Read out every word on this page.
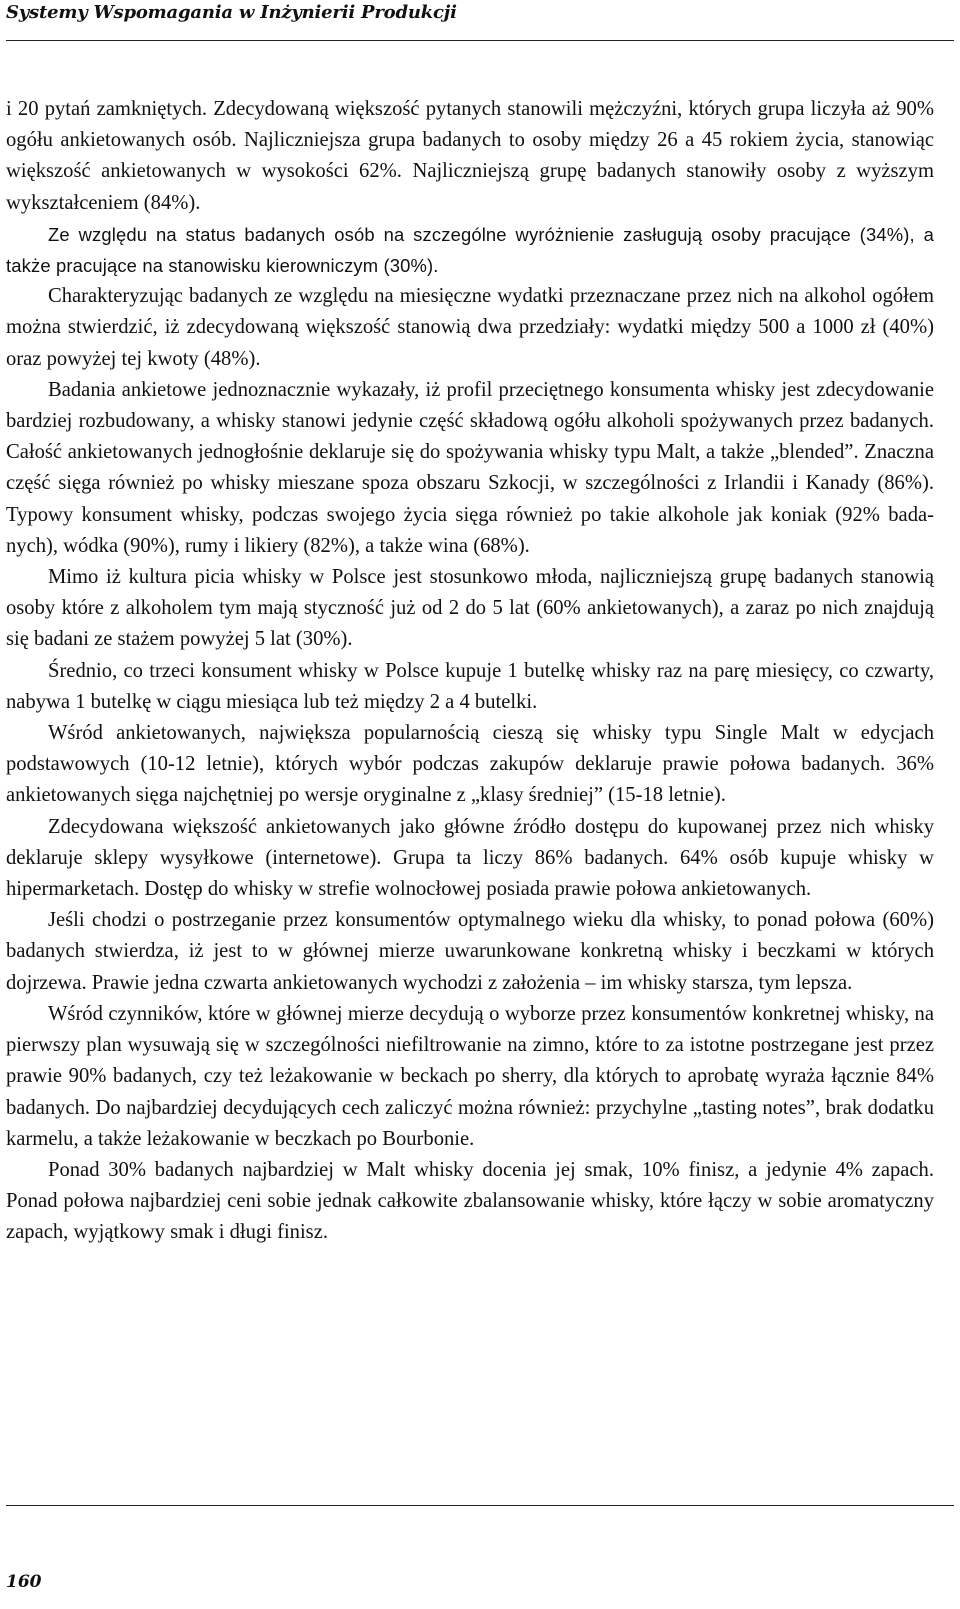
Systemy Wspomagania w Inżynierii Produkcji

i 20 pytań zamkniętych. Zdecydowaną większość pytanych stanowili mężczyźni, których grupa liczyła aż 90% ogółu ankietowanych osób. Najliczniejsza grupa badanych to osoby między 26 a 45 rokiem życia, stanowiąc większość ankietowanych w wysokości 62%. Najliczniejszą grupę badanych stanowiły osoby z wyższym wykształceniem (84%).

Ze względu na status badanych osób na szczególne wyróżnienie zasługują osoby pracujące (34%), a także pracujące na stanowisku kierowniczym (30%).

Charakteryzując badanych ze względu na miesięczne wydatki przeznaczane przez nich na alkohol ogółem można stwierdzić, iż zdecydowaną większość stanowią dwa przedziały: wydatki między 500 a 1000 zł (40%) oraz powyżej tej kwoty (48%).

Badania ankietowe jednoznacznie wykazały, iż profil przeciętnego konsumenta whisky jest zdecydowanie bardziej rozbudowany, a whisky stanowi jedynie część składową ogółu alkoholi spożywanych przez badanych. Całość ankietowanych jednogłośnie deklaruje się do spożywania whisky typu Malt, a także „blended”. Znaczna część sięga również po whisky mieszane spoza obszaru Szkocji, w szczególności z Irlandii i Kanady (86%). Typowy konsument whisky, podczas swojego życia sięga również po takie alkohole jak koniak (92% badanych), wódka (90%), rumy i likiery (82%), a także wina (68%).

Mimo iż kultura picia whisky w Polsce jest stosunkowo młoda, najliczniejszą grupę badanych stanowią osoby które z alkoholem tym mają styczność już od 2 do 5 lat (60% ankietowanych), a zaraz po nich znajdują się badani ze stażem powyżej 5 lat (30%).

Średnio, co trzeci konsument whisky w Polsce kupuje 1 butelkę whisky raz na parę miesięcy, co czwarty, nabywa 1 butelkę w ciągu miesiąca lub też między 2 a 4 butelki.

Wśród ankietowanych, największa popularnością cieszą się whisky typu Single Malt w edycjach podstawowych (10-12 letnie), których wybór podczas zakupów deklaruje prawie połowa badanych. 36% ankietowanych sięga najchętniej po wersje oryginalne z „klasy średniej” (15-18 letnie).

Zdecydowana większość ankietowanych jako główne źródło dostępu do kupowanej przez nich whisky deklaruje sklepy wysyłkowe (internetowe). Grupa ta liczy 86% badanych. 64% osób kupuje whisky w hipermarketach. Dostęp do whisky w strefie wolnocłowej posiada prawie połowa ankietowanych.

Jeśli chodzi o postrzeganie przez konsumentów optymalnego wieku dla whisky, to ponad połowa (60%) badanych stwierdza, iż jest to w głównej mierze uwarunkowane konkretną whisky i beczkami w których dojrzewa. Prawie jedna czwarta ankietowanych wychodzi z założenia – im whisky starsza, tym lepsza.

Wśród czynników, które w głównej mierze decydują o wyborze przez konsumentów konkretnej whisky, na pierwszy plan wysuwają się w szczególności niefiltrowanie na zimno, które to za istotne postrzegane jest przez prawie 90% badanych, czy też leżakowanie w beckach po sherry, dla których to aprobatę wyraża łącznie 84% badanych. Do najbardziej decydujących cech zaliczyć można również: przychylne „tasting notes”, brak dodatku karmelu, a także leżakowanie w beczkach po Bourbonie.

Ponad 30% badanych najbardziej w Malt whisky docenia jej smak, 10% finisz, a jedynie 4% zapach. Ponad połowa najbardziej ceni sobie jednak całkowite zbalansowanie whisky, które łączy w sobie aromatyczny zapach, wyjątkowy smak i długi finisz.

160
